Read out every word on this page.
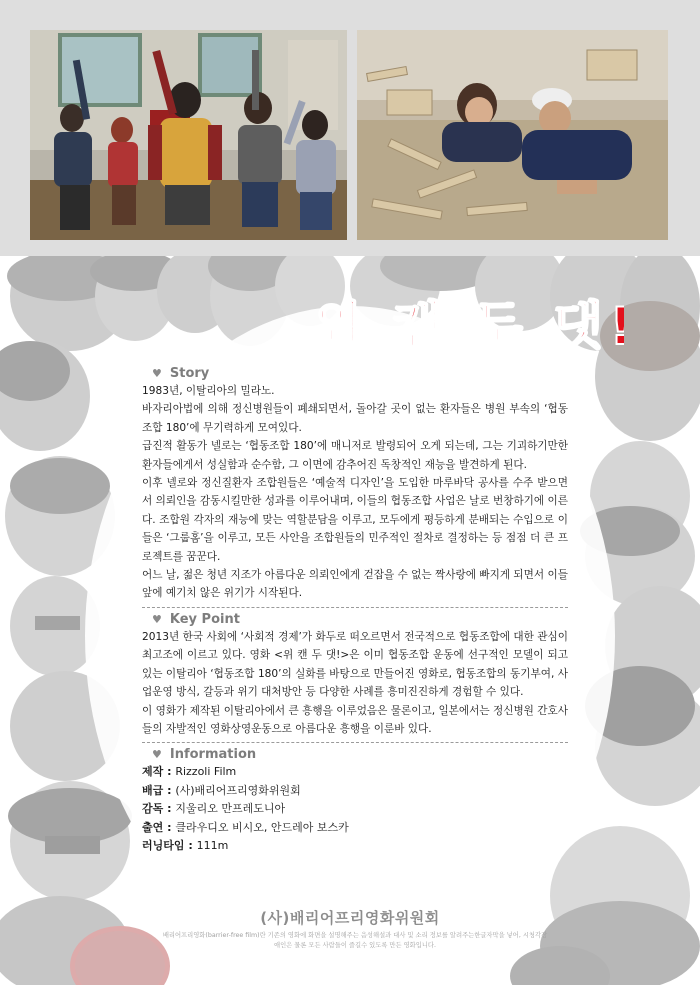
위 캔 두 댓!
♥ Story
1983년, 이탈리아의 밀라노.
바자리아법에 의해 정신병원들이 폐쇄되면서, 돌아갈 곳이 없는 환자들은 병원 부속의 ‘협동조합 180’에 무기력하게 모여있다.
급진적 활동가 넬로는 ‘협동조합 180’에 매니저로 발령되어 오게 되는데, 그는 기괴하기만한 환자들에게서 성실함과 순수함, 그 이면에 감추어진 독창적인 재능을 발견하게 된다.
이후 넬로와 정신질환자 조합원들은 ‘예술적 디자인’을 도입한 마루바닥 공사를 수주 받으면서 의뢰인을 감동시킬만한 성과를 이루어내며, 이들의 협동조합 사업은 날로 번창하기에 이른다. 조합원 각자의 재능에 맞는 역할분담을 이루고, 모두에게 평등하게 분배되는 수입으로 이들은 ‘그룹홈’을 이루고, 모든 사안을 조합원들의 민주적인 절차로 결정하는 등 점점 더 큰 프로젝트를 꿈꾼다.
어느 날, 젊은 청년 지조가 아름다운 의뢰인에게 걷잡을 수 없는 짝사랑에 빠지게 되면서 이들 앞에 예기치 않은 위기가 시작된다.
♥ Key Point
2013년 한국 사회에 ‘사회적 경제’가 화두로 떠오르면서 전국적으로 협동조합에 대한 관심이 최고조에 이르고 있다. 영화 <위 캔 두 댓!>은 이미 협동조합 운동에 선구적인 모델이 되고 있는 이탈리아 ‘협동조합 180’의 실화를 바탕으로 만들어진 영화로, 협동조합의 동기부여, 사업운영 방식, 갈등과 위기 대처방안 등 다양한 사례를 흥미진진하게 경험할 수 있다.
이 영화가 제작된 이탈리아에서 큰 흥행을 이루었음은 물론이고, 일본에서는 정신병원 간호사들의 자발적인 영화상영운동으로 아름다운 흥행을 이룬바 있다.
♥ Information
제작 : Rizzoli Film
배급 : (사)배리어프리영화위원회
감독 : 지울리오 만프레도니아
출연 : 클라우디오 비시오, 안드레아 보스카
러닝타임 : 111m
(사)배리어프리영화위원회
배리어프리영화(barrier-free film)란 기존의 영화에 화면을 설명해주는 음성해설과 대사 및 소리 정보를 알려주는한글자막을 넣어, 시청각장애인은 물론 모든 사람들이 즐길수 있도록 만든 영화입니다.
